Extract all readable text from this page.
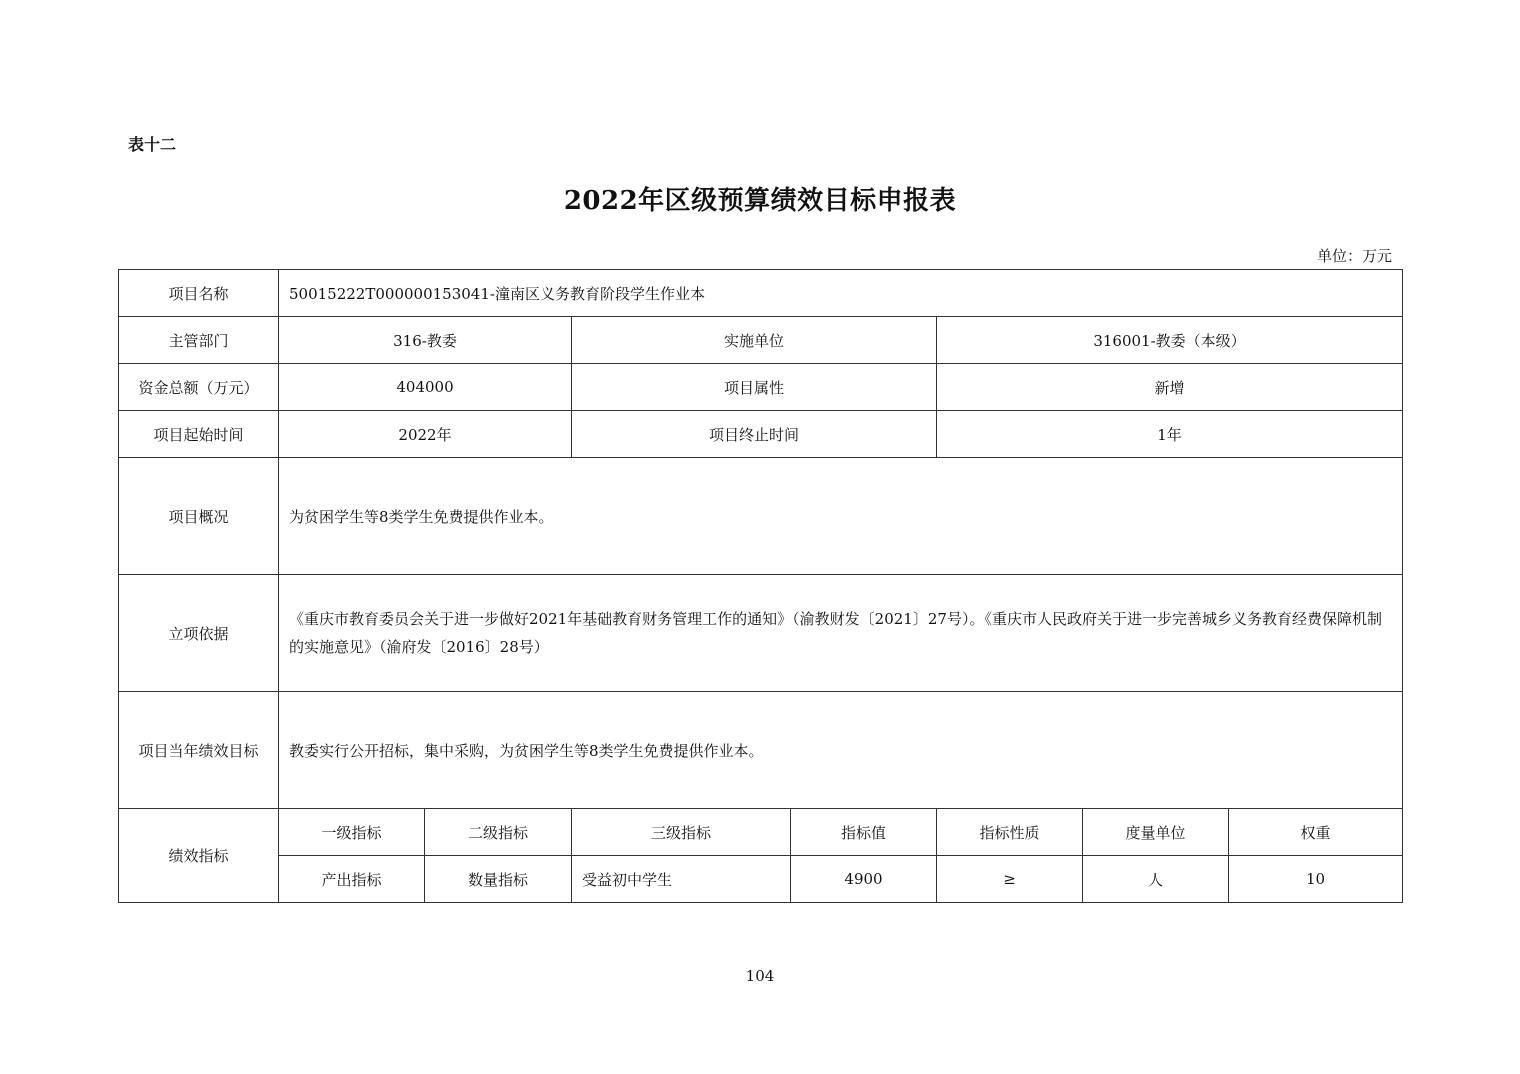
表十二
2022年区级预算绩效目标申报表
单位：万元
项目名称	50015222T000000153041-潼南区义务教育阶段学生作业本						
主管部门	316-教委		实施单位		316001-教委（本级）		
资金总额（万元）	404000		项目属性		新增		
项目起始时间	2022年		项目终止时间		1年		
项目概况	为贫困学生等8类学生免费提供作业本。						
立项依据	《重庆市教育委员会关于进一步做好2021年基础教育财务管理工作的通知》（渝教财发〔2021〕27号）。《重庆市人民政府关于进一步完善城乡义务教育经费保障机制的实施意见》（渝府发〔2016〕28号）						
项目当年绩效目标	教委实行公开招标，集中采购，为贫困学生等8类学生免费提供作业本。						
绩效指标	一级指标	二级指标	三级指标	指标值	指标性质	度量单位	权重
	产出指标	数量指标	受益初中学生	4900	≥	人	10
104
